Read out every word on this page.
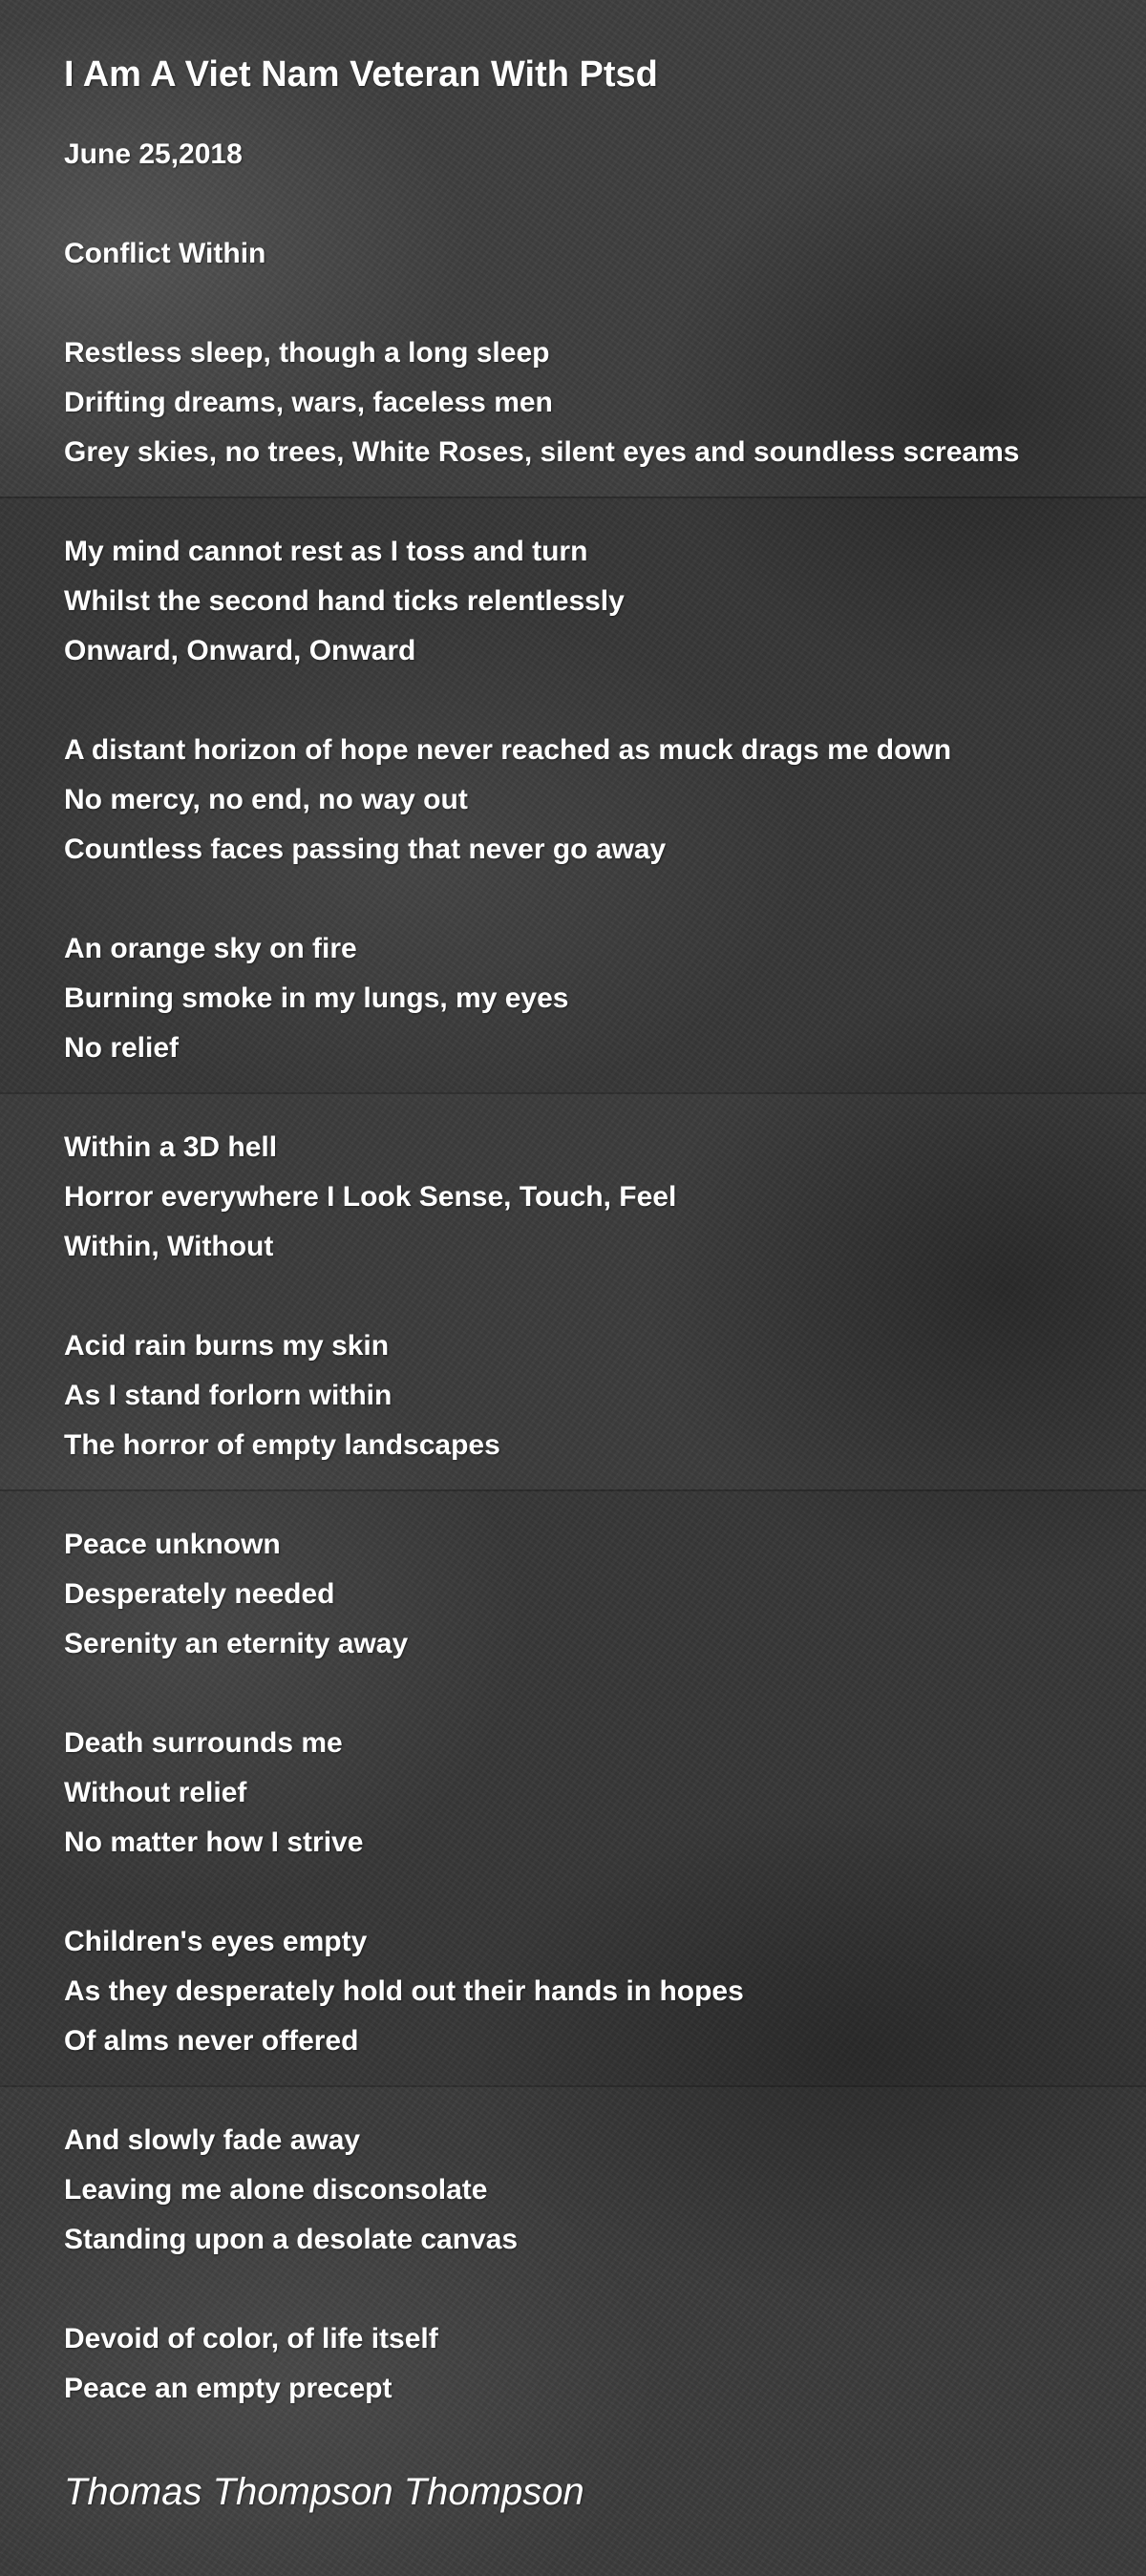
I Am A Viet Nam Veteran With Ptsd
June 25,2018
Conflict Within
Restless sleep, though a long sleep
Drifting dreams, wars, faceless men
Grey skies, no trees, White Roses, silent eyes and soundless screams
My mind cannot rest as I toss and turn
Whilst the second hand ticks relentlessly
Onward, Onward, Onward
A distant horizon of hope never reached as muck drags me down
No mercy, no end, no way out
Countless faces passing that never go away
An orange sky on fire
Burning smoke in my lungs, my eyes
No relief
Within a 3D hell
Horror everywhere I Look Sense, Touch, Feel
Within, Without
Acid rain burns my skin
As I stand forlorn within
The horror of empty landscapes
Peace unknown
Desperately needed
Serenity an eternity away
Death surrounds me
Without relief
No matter how I strive
Children's eyes empty
As they desperately hold out their hands in hopes
Of alms never offered
And slowly fade away
Leaving me alone disconsolate
Standing upon a desolate canvas
Devoid of color, of life itself
Peace an empty precept
Thomas Thompson Thompson
